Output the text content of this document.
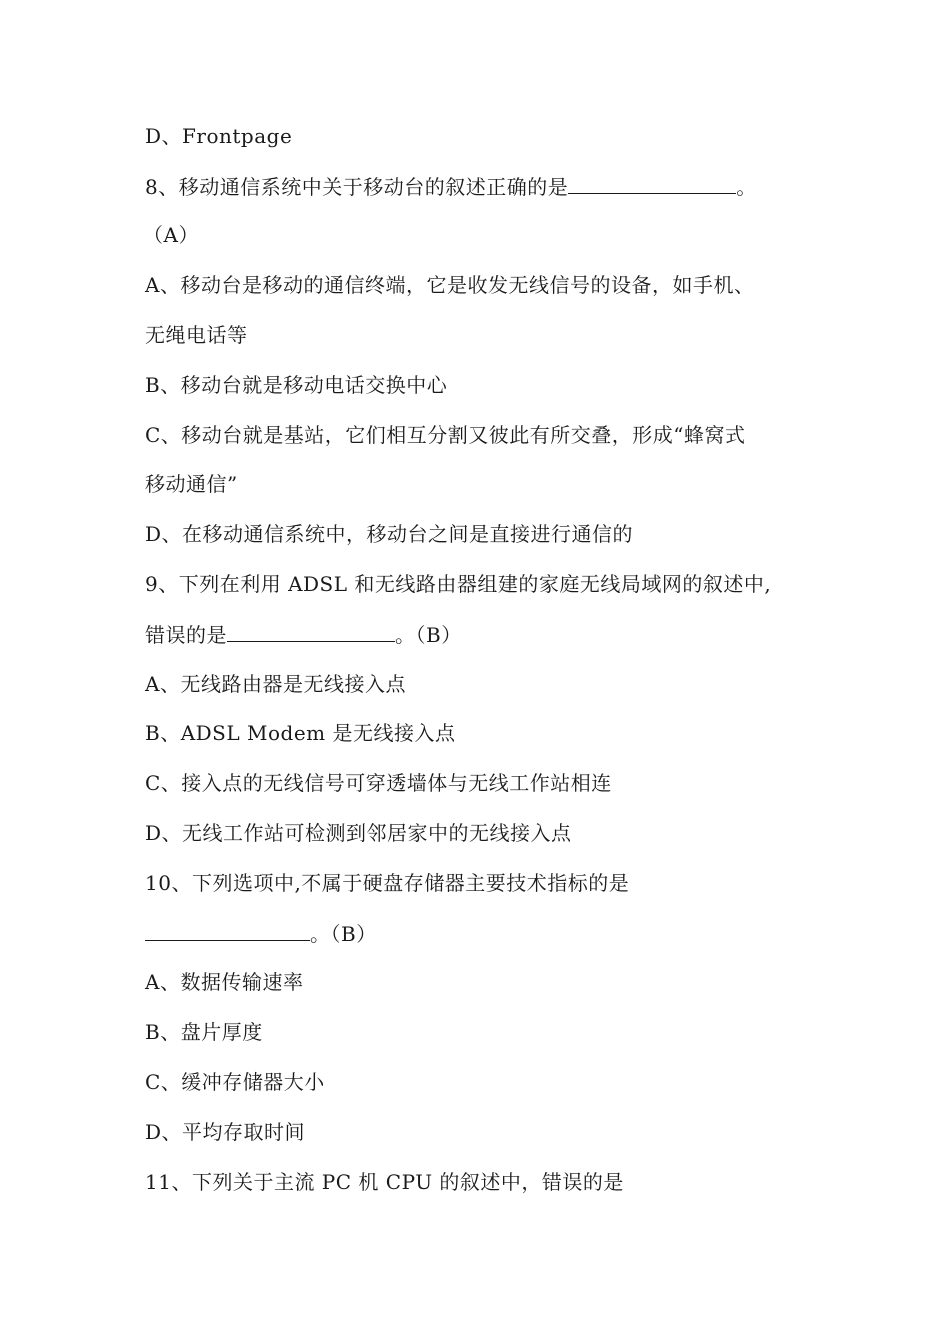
D、Frontpage
8、移动通信系统中关于移动台的叙述正确的是	。
（A）
A、移动台是移动的通信终端，它是收发无线信号的设备，如手机、
无绳电话等
B、移动台就是移动电话交换中心
C、移动台就是基站，它们相互分割又彼此有所交叠，形成“蜂窝式
移动通信”
D、在移动通信系统中，移动台之间是直接进行通信的
9、下列在利用 ADSL 和无线路由器组建的家庭无线局域网的叙述中,
错误的是	。（B）
A、无线路由器是无线接入点
B、ADSL Modem 是无线接入点
C、接入点的无线信号可穿透墙体与无线工作站相连
D、无线工作站可检测到邻居家中的无线接入点
10、下列选项中,不属于硬盘存储器主要技术指标的是
。（B）
A、数据传输速率
B、盘片厚度
C、缓冲存储器大小
D、平均存取时间
11、下列关于主流 PC 机 CPU 的叙述中，错误的是
